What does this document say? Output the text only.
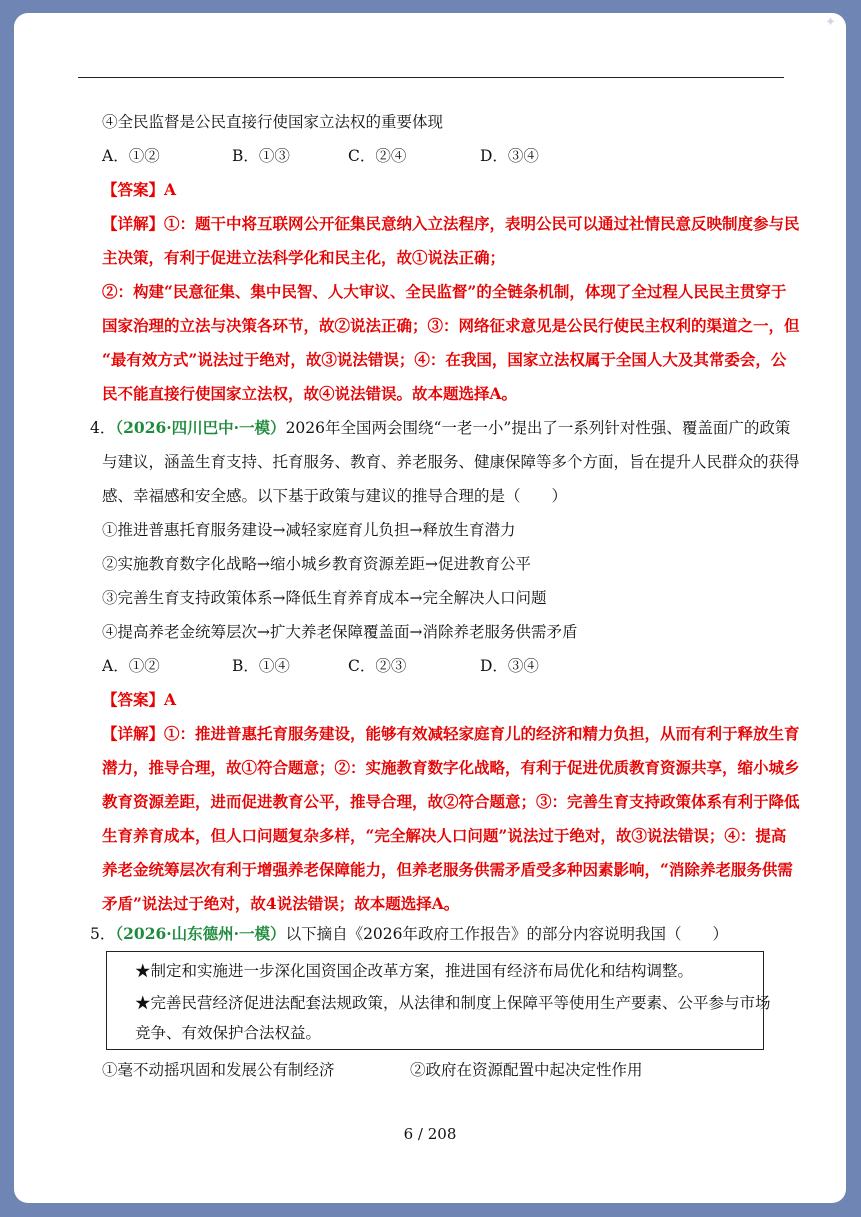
✦
④全民监督是公民直接行使国家立法权的重要体现
A．①②	B．①③	C．②④	D．③④
【答案】A
【详解】①：题干中将互联网公开征集民意纳入立法程序，表明公民可以通过社情民意反映制度参与民
主决策，有利于促进立法科学化和民主化，故①说法正确；
②：构建“民意征集、集中民智、人大审议、全民监督”的全链条机制，体现了全过程人民民主贯穿于
国家治理的立法与决策各环节，故②说法正确；③：网络征求意见是公民行使民主权利的渠道之一，但
“最有效方式”说法过于绝对，故③说法错误；④：在我国，国家立法权属于全国人大及其常委会，公
民不能直接行使国家立法权，故④说法错误。故本题选择A。
4．（2026·四川巴中·一模）2026年全国两会围绕“一老一小”提出了一系列针对性强、覆盖面广的政策
与建议，涵盖生育支持、托育服务、教育、养老服务、健康保障等多个方面，旨在提升人民群众的获得
感、幸福感和安全感。以下基于政策与建议的推导合理的是（　　）
①推进普惠托育服务建设→减轻家庭育儿负担→释放生育潜力
②实施教育数字化战略→缩小城乡教育资源差距→促进教育公平
③完善生育支持政策体系→降低生育养育成本→完全解决人口问题
④提高养老金统筹层次→扩大养老保障覆盖面→消除养老服务供需矛盾
A．①②	B．①④	C．②③	D．③④
【答案】A
【详解】①：推进普惠托育服务建设，能够有效减轻家庭育儿的经济和精力负担，从而有利于释放生育
潜力，推导合理，故①符合题意；②：实施教育数字化战略，有利于促进优质教育资源共享，缩小城乡
教育资源差距，进而促进教育公平，推导合理，故②符合题意；③：完善生育支持政策体系有利于降低
生育养育成本，但人口问题复杂多样，“完全解决人口问题”说法过于绝对，故③说法错误；④：提高
养老金统筹层次有利于增强养老保障能力，但养老服务供需矛盾受多种因素影响，“消除养老服务供需
矛盾”说法过于绝对，故4说法错误；故本题选择A。
5．（2026·山东德州·一模）以下摘自《2026年政府工作报告》的部分内容说明我国（　　）
★制定和实施进一步深化国资国企改革方案，推进国有经济布局优化和结构调整。
★完善民营经济促进法配套法规政策，从法律和制度上保障平等使用生产要素、公平参与市场
竞争、有效保护合法权益。
①毫不动摇巩固和发展公有制经济	②政府在资源配置中起决定性作用
6 / 208
